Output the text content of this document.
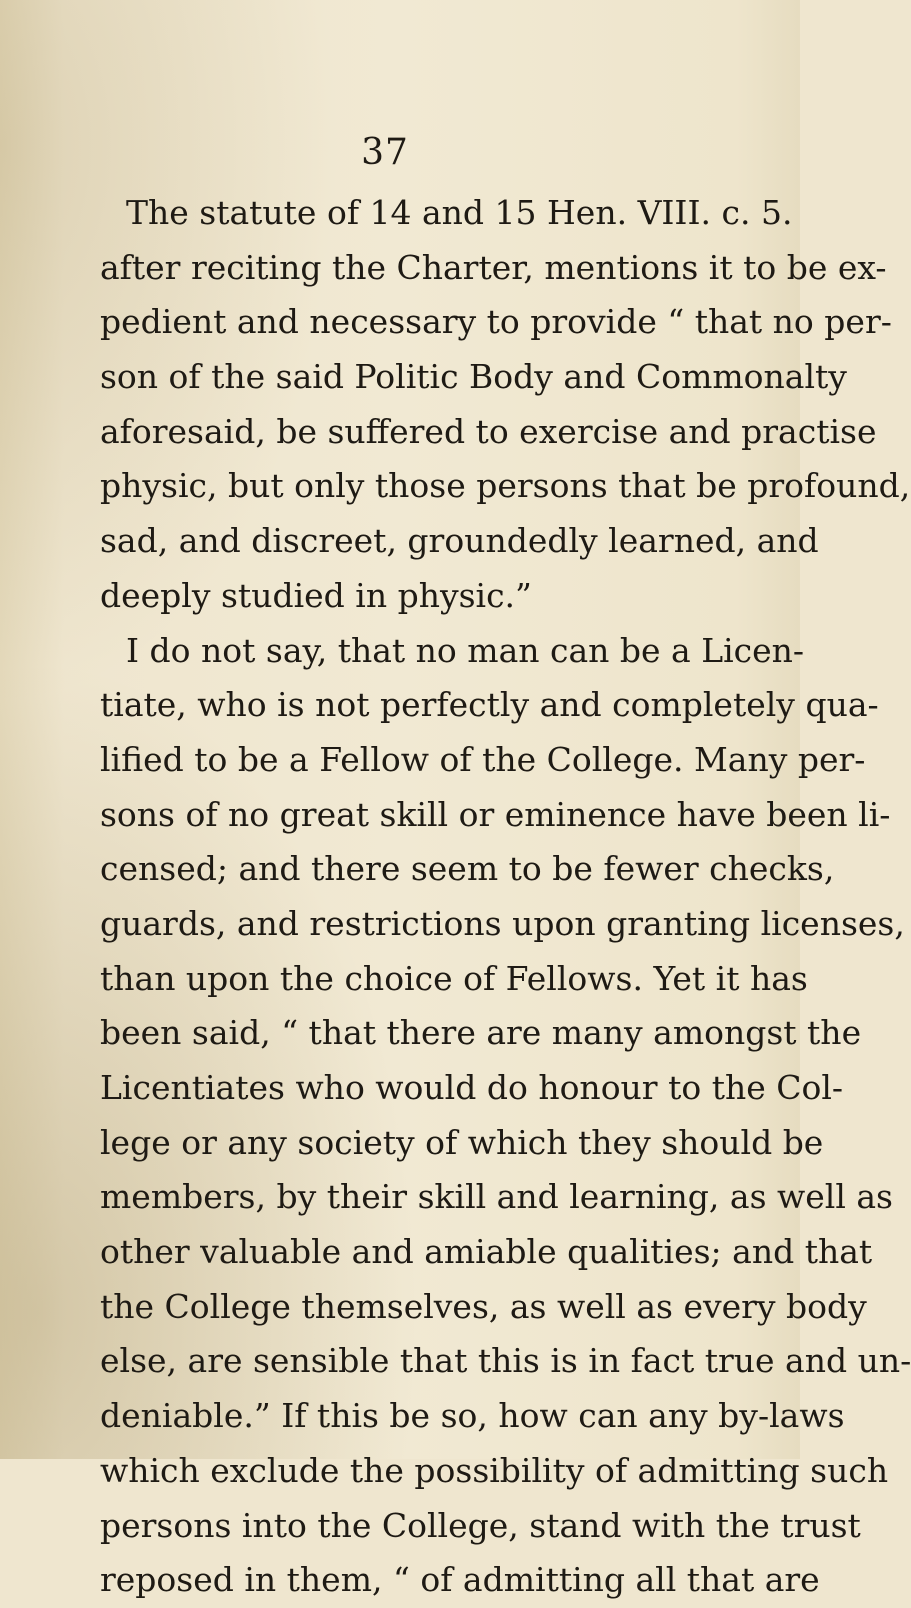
37
The statute of 14 and 15 Hen. VIII. c. 5.
after reciting the Charter, mentions it to be ex-
pedient and necessary to provide “ that no per-
son of the said Politic Body and Commonalty
aforesaid, be suffered to exercise and practise
physic, but only those persons that be profound,
sad, and discreet, groundedly learned, and
deeply studied in physic.”
I do not say, that no man can be a Licen-
tiate, who is not perfectly and completely qua-
lified to be a Fellow of the College. Many per-
sons of no great skill or eminence have been li-
censed; and there seem to be fewer checks,
guards, and restrictions upon granting licenses,
than upon the choice of Fellows. Yet it has
been said, “ that there are many amongst the
Licentiates who would do honour to the Col-
lege or any society of which they should be
members, by their skill and learning, as well as
other valuable and amiable qualities; and that
the College themselves, as well as every body
else, are sensible that this is in fact true and un-
deniable.” If this be so, how can any by-laws
which exclude the possibility of admitting such
persons into the College, stand with the trust
reposed in them, “ of admitting all that are
